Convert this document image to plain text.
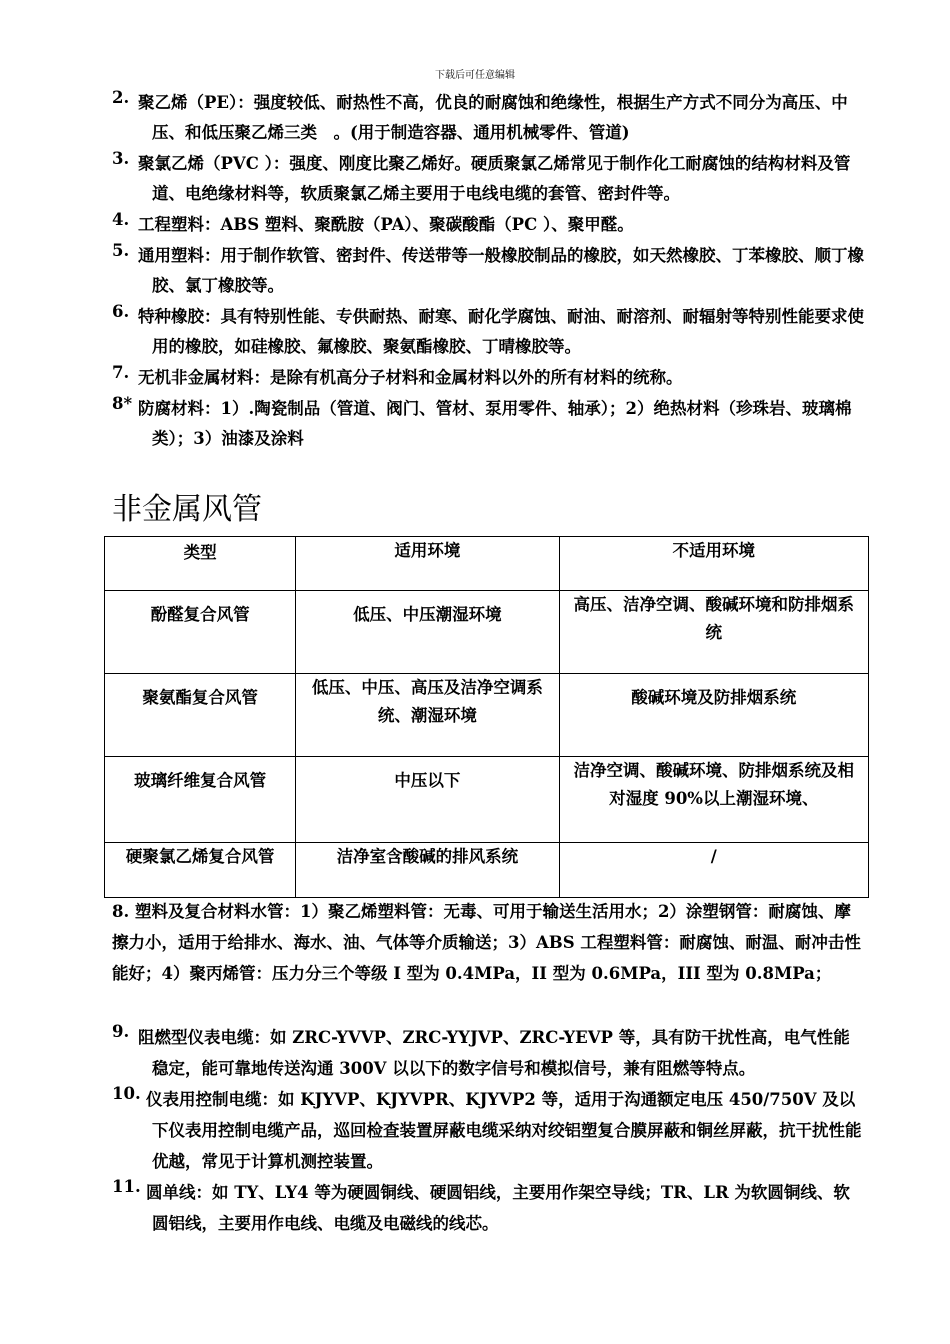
下载后可任意编辑
2. 聚乙烯（PE）：强度较低、耐热性不高，优良的耐腐蚀和绝缘性，根据生产方式不同分为高压、中压、和低压聚乙烯三类　。(用于制造容器、通用机械零件、管道)
3. 聚氯乙烯（PVC ）：强度、刚度比聚乙烯好。硬质聚氯乙烯常见于制作化工耐腐蚀的结构材料及管道、电绝缘材料等，软质聚氯乙烯主要用于电线电缆的套管、密封件等。
4. 工程塑料：ABS 塑料、聚酰胺（PA）、聚碳酸酯（PC ）、聚甲醛。
5. 通用塑料：用于制作软管、密封件、传送带等一般橡胶制品的橡胶，如天然橡胶、丁苯橡胶、顺丁橡胶、氯丁橡胶等。
6. 特种橡胶：具有特别性能、专供耐热、耐寒、耐化学腐蚀、耐油、耐溶剂、耐辐射等特别性能要求使用的橡胶，如硅橡胶、氟橡胶、聚氨酯橡胶、丁晴橡胶等。
7. 无机非金属材料：是除有机高分子材料和金属材料以外的所有材料的统称。
8* 防腐材料：1）.陶瓷制品（管道、阀门、管材、泵用零件、轴承）；2）绝热材料（珍珠岩、玻璃棉类）；3）油漆及涂料
非金属风管
类型	适用环境	不适用环境
酚醛复合风管	低压、中压潮湿环境	高压、洁净空调、酸碱环境和防排烟系统
聚氨酯复合风管	低压、中压、高压及洁净空调系统、潮湿环境	酸碱环境及防排烟系统
玻璃纤维复合风管	中压以下	洁净空调、酸碱环境、防排烟系统及相对湿度 90%以上潮湿环境、
硬聚氯乙烯复合风管	洁净室含酸碱的排风系统	/
8. 塑料及复合材料水管：1）聚乙烯塑料管：无毒、可用于输送生活用水；2）涂塑钢管：耐腐蚀、摩擦力小，适用于给排水、海水、油、气体等介质输送；3）ABS 工程塑料管：耐腐蚀、耐温、耐冲击性能好；4）聚丙烯管：压力分三个等级 I 型为 0.4MPa，II 型为 0.6MPa，III 型为 0.8MPa；
9. 阻燃型仪表电缆：如 ZRC-YVVP、ZRC-YYJVP、ZRC-YEVP 等，具有防干扰性高，电气性能稳定，能可靠地传送沟通 300V 以以下的数字信号和模拟信号，兼有阻燃等特点。
10. 仪表用控制电缆：如 KJYVP、KJYVPR、KJYVP2 等，适用于沟通额定电压 450/750V 及以下仪表用控制电缆产品，巡回检查装置屏蔽电缆采纳对绞铝塑复合膜屏蔽和铜丝屏蔽，抗干扰性能优越，常见于计算机测控装置。
11. 圆单线：如 TY、LY4 等为硬圆铜线、硬圆铝线，主要用作架空导线；TR、LR 为软圆铜线、软圆铝线，主要用作电线、电缆及电磁线的线芯。
